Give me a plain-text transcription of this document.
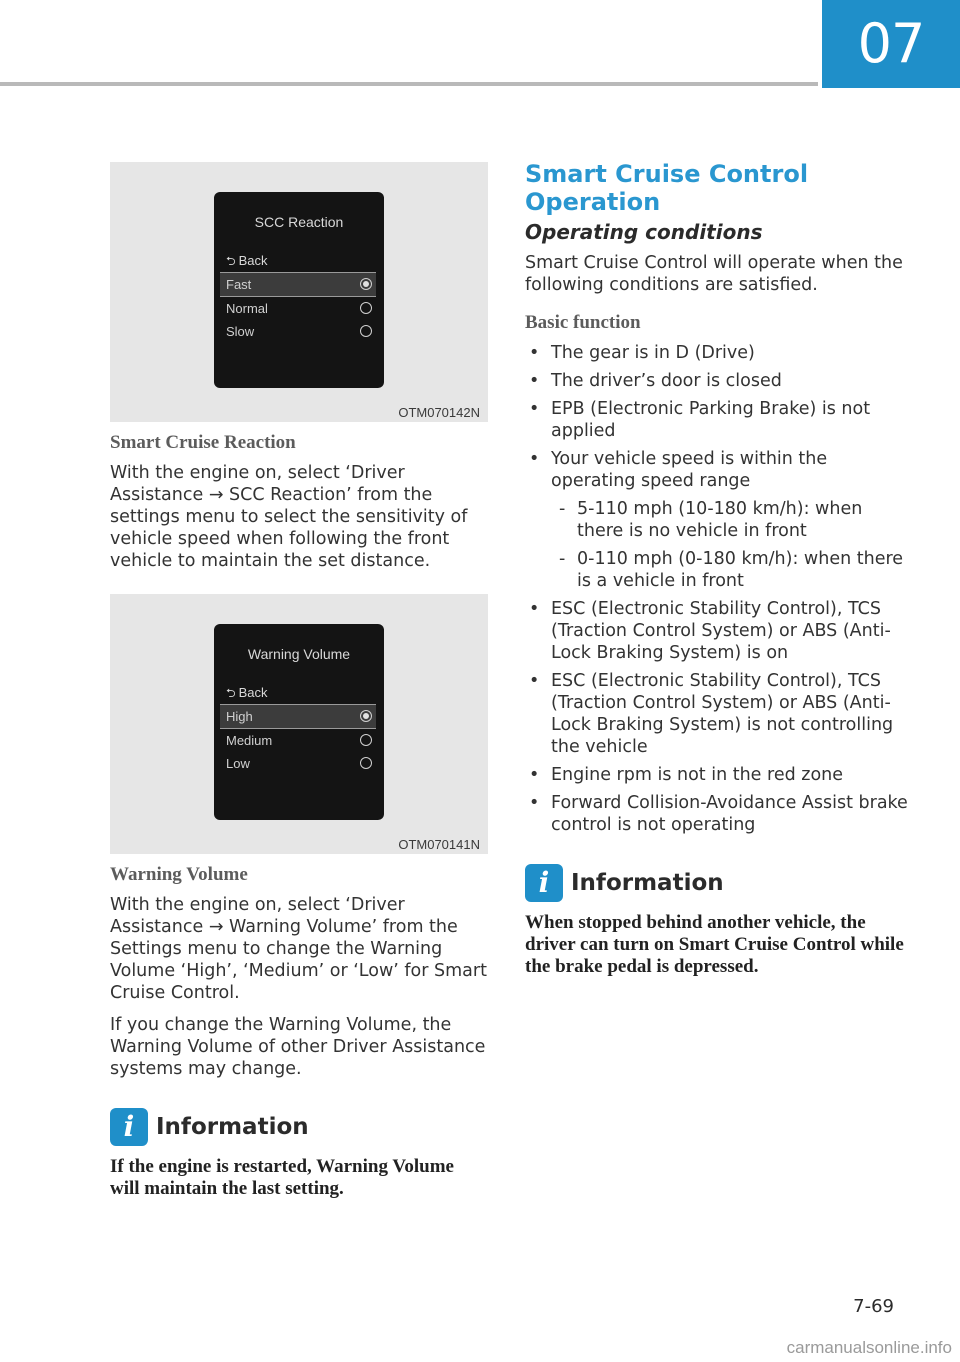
07
SCC Reaction
⮌ Back
Fast
Normal
Slow
OTM070142N
Smart Cruise Reaction

With the engine on, select ‘Driver Assistance → SCC Reaction’ from the settings menu to select the sensitivity of vehicle speed when following the front vehicle to maintain the set distance.

Warning Volume
⮌ Back
High
Medium
Low
OTM070141N
Warning Volume

With the engine on, select ‘Driver Assistance → Warning Volume’ from the Settings menu to change the Warning Volume ‘High’, ‘Medium’ or ‘Low’ for Smart Cruise Control.

If you change the Warning Volume, the Warning Volume of other Driver Assistance systems may change.

i Information
If the engine is restarted, Warning Volume will maintain the last setting.
Smart Cruise Control Operation
Operating conditions

Smart Cruise Control will operate when the following conditions are satisfied.

Basic function
• The gear is in D (Drive)
• The driver’s door is closed
• EPB (Electronic Parking Brake) is not applied
• Your vehicle speed is within the operating speed range
- 5-110 mph (10-180 km/h): when there is no vehicle in front
- 0-110 mph (0-180 km/h): when there is a vehicle in front
• ESC (Electronic Stability Control), TCS (Traction Control System) or ABS (Anti-Lock Braking System) is on
• ESC (Electronic Stability Control), TCS (Traction Control System) or ABS (Anti-Lock Braking System) is not controlling the vehicle
• Engine rpm is not in the red zone
• Forward Collision-Avoidance Assist brake control is not operating
i Information
When stopped behind another vehicle, the driver can turn on Smart Cruise Control while the brake pedal is depressed.
7-69
carmanualsonline.info
